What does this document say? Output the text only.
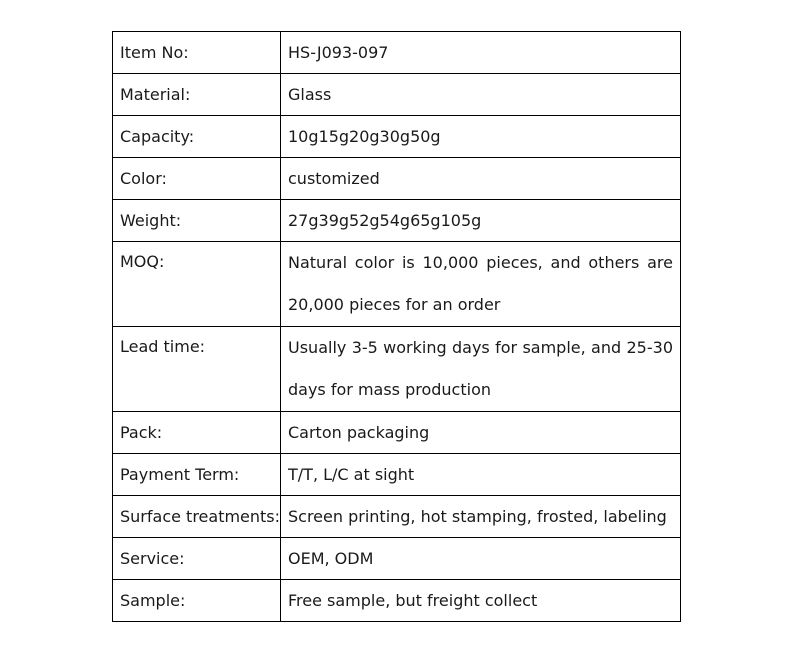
Item No:	HS-J093-097
Material:	Glass
Capacity:	10g15g20g30g50g
Color:	customized
Weight:	27g39g52g54g65g105g
MOQ:	Natural color is 10,000 pieces, and others are 20,000 pieces for an order
Lead time:	Usually 3-5 working days for sample, and 25-30 days for mass production
Pack:	Carton packaging
Payment Term:	T/T, L/C at sight
Surface treatments:	Screen printing, hot stamping, frosted, labeling
Service:	OEM, ODM
Sample:	Free sample, but freight collect
